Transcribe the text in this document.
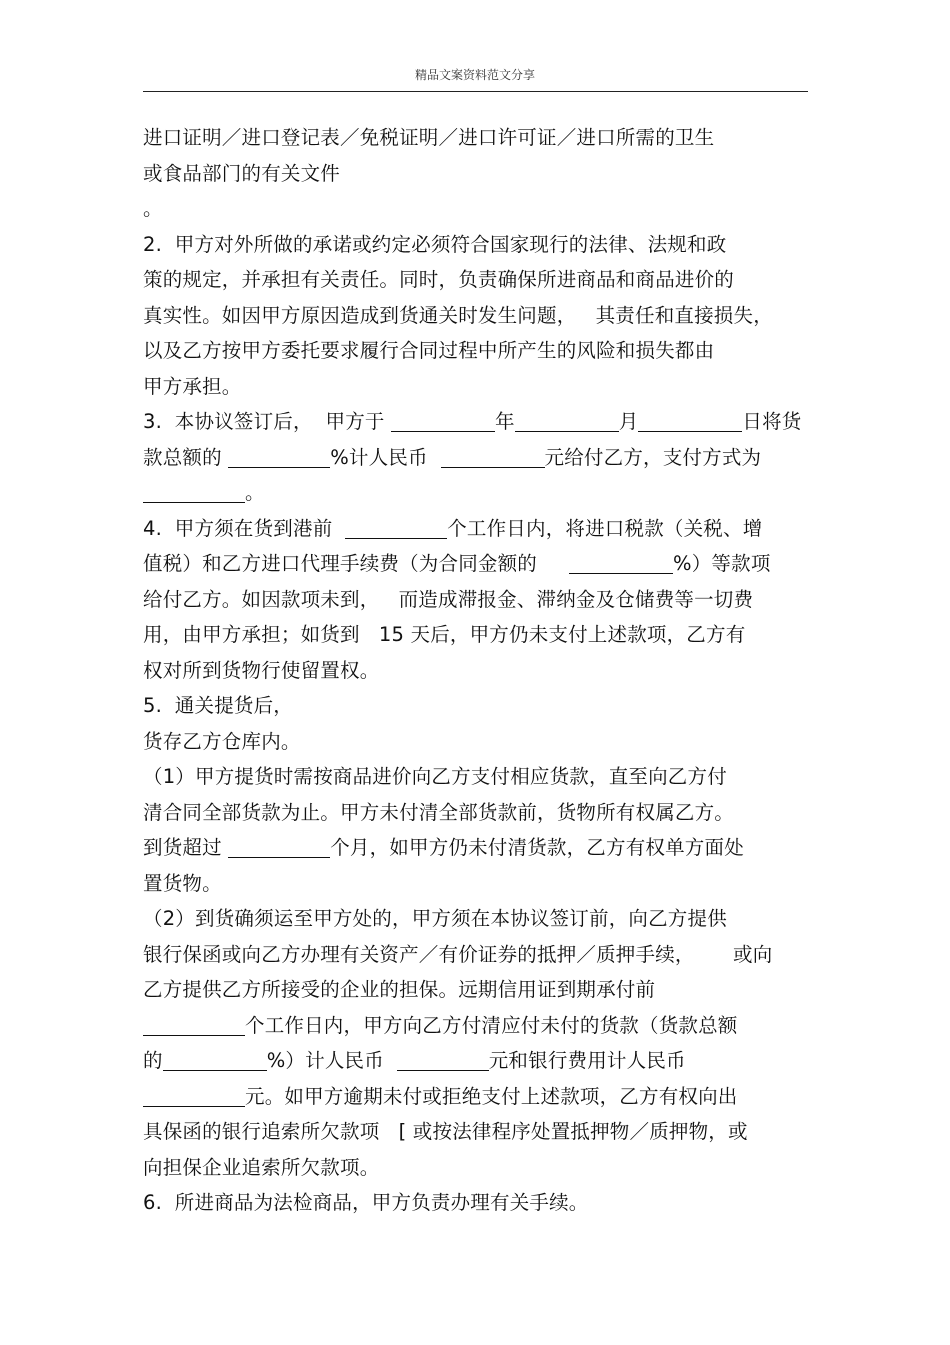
精品文案资料范文分享
进口证明／进口登记表／免税证明／进口许可证／进口所需的卫生
或食品部门的有关文件
。
2.  甲方对外所做的承诺或约定必须符合国家现行的法律、法规和政
策的规定，并承担有关责任。同时，负责确保所进商品和商品进价的
真实性。如因甲方原因造成到货通关时发生问题，   其责任和直接损失，
以及乙方按甲方委托要求履行合同过程中所产生的风险和损失都由
甲方承担。
3.  本协议签订后，  甲方于	年	月	日将货
款总额的	%计人民币	元给付乙方，支付方式为
。
4.  甲方须在货到港前	个工作日内，将进口税款（关税、增
值税）和乙方进口代理手续费（为合同金额的	%）等款项
给付乙方。如因款项未到，   而造成滞报金、滞纳金及仓储费等一切费
用，由甲方承担；如货到   15 天后，甲方仍未支付上述款项，乙方有
权对所到货物行使留置权。
5.  通关提货后，
货存乙方仓库内。
（1）甲方提货时需按商品进价向乙方支付相应货款，直至向乙方付
清合同全部货款为止。甲方未付清全部货款前，货物所有权属乙方。
到货超过	个月，如甲方仍未付清货款，乙方有权单方面处
置货物。
（2）到货确须运至甲方处的，甲方须在本协议签订前，向乙方提供
银行保函或向乙方办理有关资产／有价证券的抵押／质押手续，      或向
乙方提供乙方所接受的企业的担保。远期信用证到期承付前
个工作日内，甲方向乙方付清应付未付的货款（货款总额
的	%）计人民币	元和银行费用计人民币
元。如甲方逾期未付或拒绝支付上述款项，乙方有权向出
具保函的银行追索所欠款项   [ 或按法律程序处置抵押物／质押物，或
向担保企业追索所欠款项。
6.  所进商品为法检商品，甲方负责办理有关手续。
